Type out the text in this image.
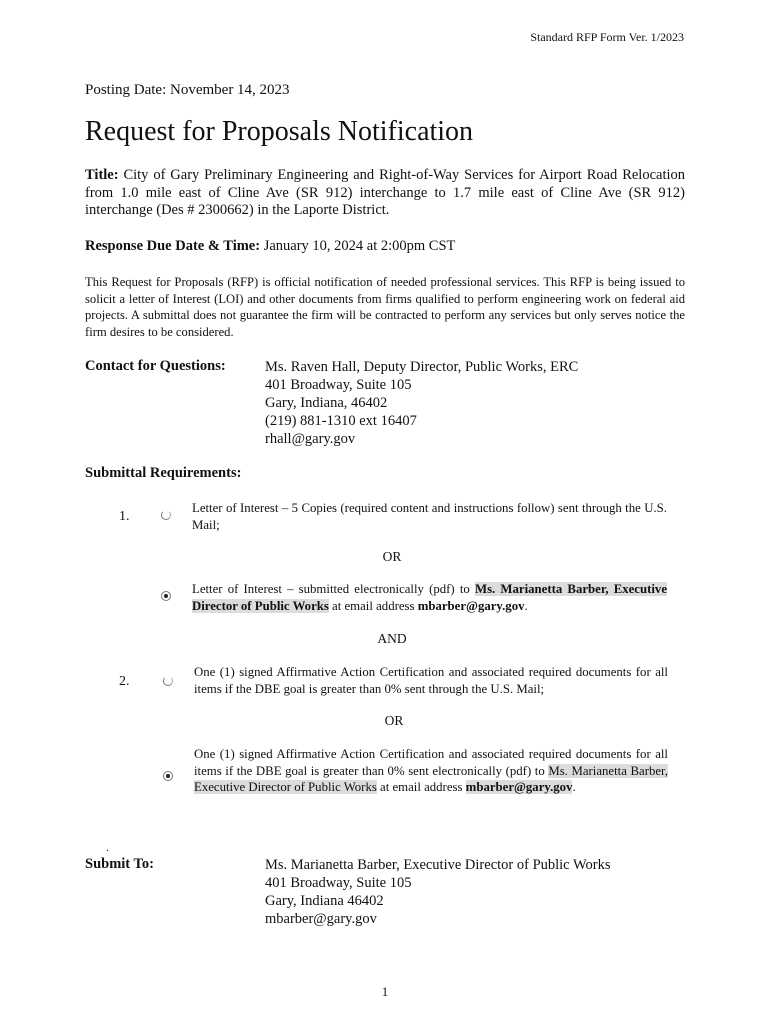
Standard RFP Form Ver. 1/2023
Posting Date: November 14, 2023
Request for Proposals Notification
Title: City of Gary Preliminary Engineering and Right-of-Way Services for Airport Road Relocation from 1.0 mile east of Cline Ave (SR 912) interchange to 1.7 mile east of Cline Ave (SR 912) interchange (Des # 2300662) in the Laporte District.
Response Due Date & Time: January 10, 2024 at 2:00pm CST
This Request for Proposals (RFP) is official notification of needed professional services. This RFP is being issued to solicit a letter of Interest (LOI) and other documents from firms qualified to perform engineering work on federal aid projects. A submittal does not guarantee the firm will be contracted to perform any services but only serves notice the firm desires to be considered.
Contact for Questions:	Ms. Raven Hall, Deputy Director, Public Works, ERC
401 Broadway, Suite 105
Gary, Indiana, 46402
(219) 881-1310 ext 16407
rhall@gary.gov
Submittal Requirements:
1.
Letter of Interest – 5 Copies (required content and instructions follow) sent through the U.S. Mail;
OR
Letter of Interest – submitted electronically (pdf) to Ms. Marianetta Barber, Executive Director of Public Works at email address mbarber@gary.gov.
AND
2.
One (1) signed Affirmative Action Certification and associated required documents for all items if the DBE goal is greater than 0% sent through the U.S. Mail;
OR
One (1) signed Affirmative Action Certification and associated required documents for all items if the DBE goal is greater than 0% sent electronically (pdf) to Ms. Marianetta Barber, Executive Director of Public Works at email address mbarber@gary.gov.
.
Submit To:	Ms. Marianetta Barber, Executive Director of Public Works
401 Broadway, Suite 105
Gary, Indiana 46402
mbarber@gary.gov
1
